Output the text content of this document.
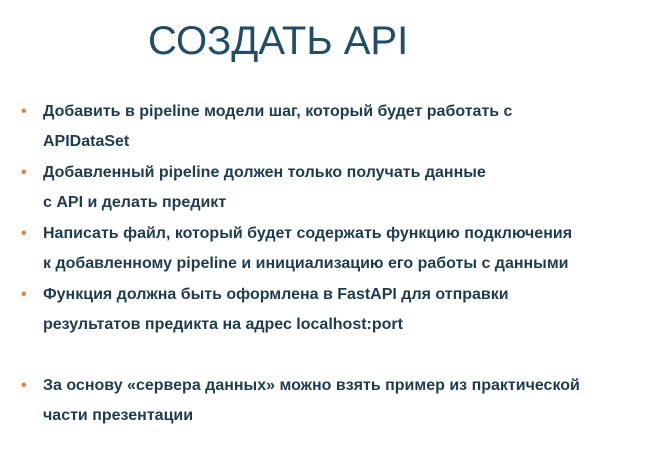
СОЗДАТЬ API
• Добавить в pipeline модели шаг, который будет работать с
APIDataSet
• Добавленный pipeline должен только получать данные
с API и делать предикт
• Написать файл, который будет содержать функцию подключения
к добавленному pipeline и инициализацию его работы с данными
• Функция должна быть оформлена в FastAPI для отправки
результатов предикта на адрес localhost:port
• За основу «сервера данных» можно взять пример из практической
части презентации
